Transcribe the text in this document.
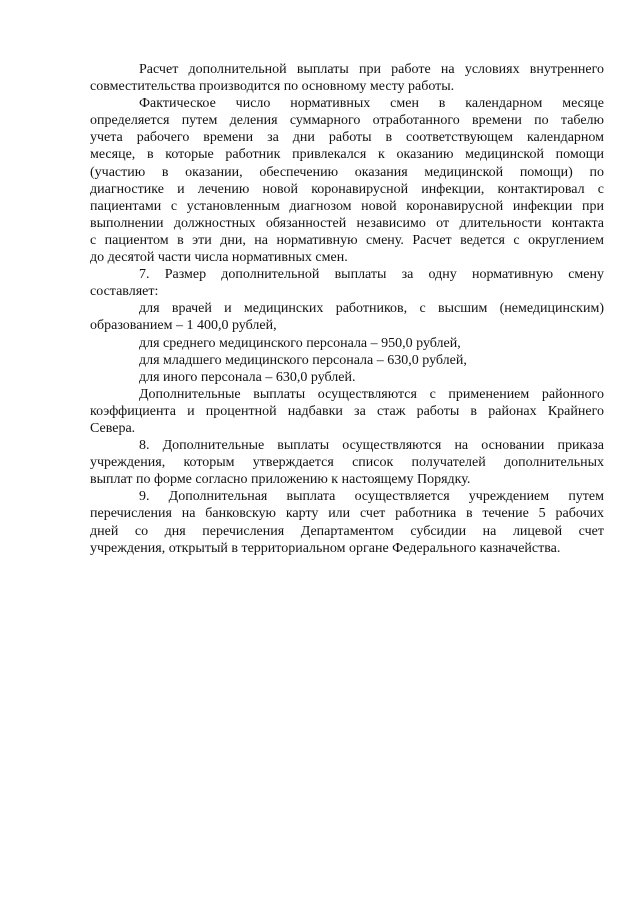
Расчет дополнительной выплаты при работе на условиях внутреннего
совместительства производится по основному месту работы.
Фактическое число нормативных смен в календарном месяце
определяется путем деления суммарного отработанного времени по табелю
учета рабочего времени за дни работы в соответствующем календарном
месяце, в которые работник привлекался к оказанию медицинской помощи
(участию в оказании, обеспечению оказания медицинской помощи) по
диагностике и лечению новой коронавирусной инфекции, контактировал с
пациентами с установленным диагнозом новой коронавирусной инфекции при
выполнении должностных обязанностей независимо от длительности контакта
с пациентом в эти дни, на нормативную смену. Расчет ведется с округлением
до десятой части числа нормативных смен.
7. Размер дополнительной выплаты за одну нормативную смену
составляет:
для врачей и медицинских работников, с высшим (немедицинским)
образованием – 1 400,0 рублей,
для среднего медицинского персонала – 950,0 рублей,
для младшего медицинского персонала – 630,0 рублей,
для иного персонала – 630,0 рублей.
Дополнительные выплаты осуществляются с применением районного
коэффициента и процентной надбавки за стаж работы в районах Крайнего
Севера.
8. Дополнительные выплаты осуществляются на основании приказа
учреждения, которым утверждается список получателей дополнительных
выплат по форме согласно приложению к настоящему Порядку.
9. Дополнительная выплата осуществляется учреждением путем
перечисления на банковскую карту или счет работника в течение 5 рабочих
дней со дня перечисления Департаментом субсидии на лицевой счет
учреждения, открытый в территориальном органе Федерального казначейства.
